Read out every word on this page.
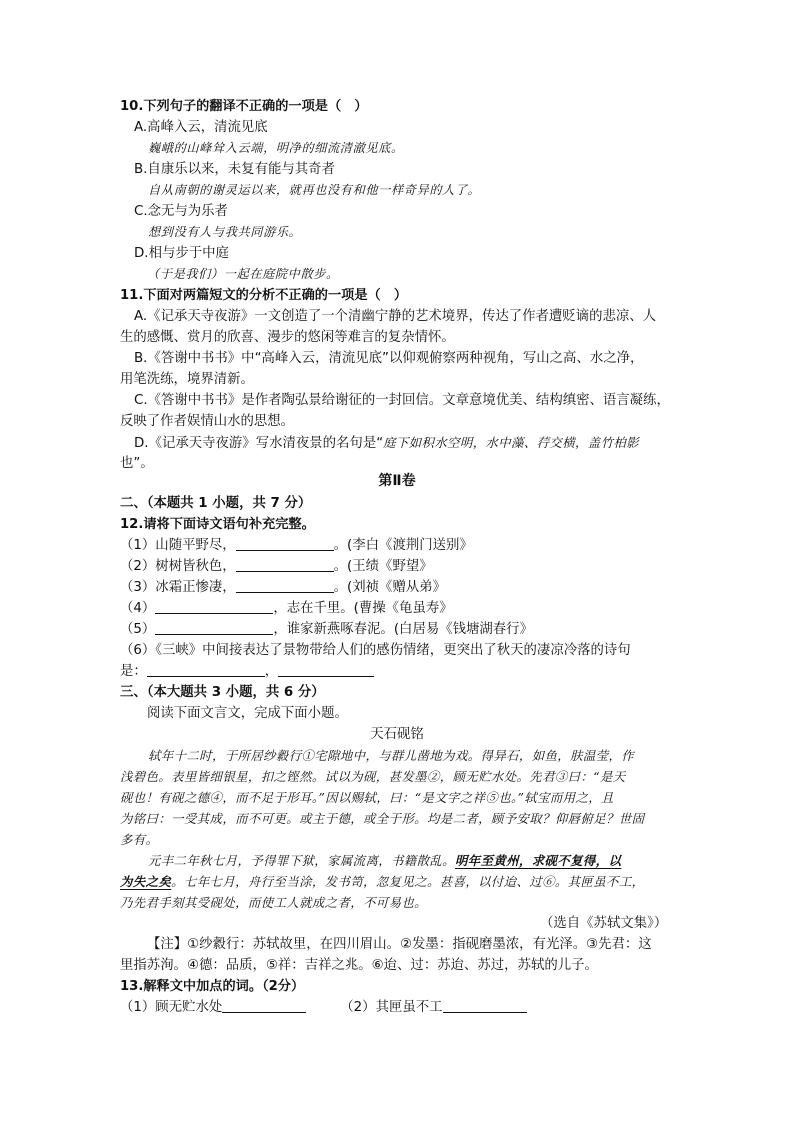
10.下列句子的翻译不正确的一项是（　）
A.高峰入云，清流见底
巍峨的山峰耸入云端，明净的细流清澈见底。
B.自康乐以来，未复有能与其奇者
自从南朝的谢灵运以来，就再也没有和他一样奇异的人了。
C.念无与为乐者
想到没有人与我共同游乐。
D.相与步于中庭
（于是我们）一起在庭院中散步。
11.下面对两篇短文的分析不正确的一项是（　）
A.《记承天寺夜游》一文创造了一个清幽宁静的艺术境界，传达了作者遭贬谪的悲凉、人
生的感慨、赏月的欣喜、漫步的悠闲等难言的复杂情怀。
B.《答谢中书书》中“高峰入云，清流见底”以仰观俯察两种视角，写山之高、水之净，
用笔洗练，境界清新。
C.《答谢中书书》是作者陶弘景给谢征的一封回信。文章意境优美、结构缜密、语言凝练，
反映了作者娱情山水的思想。
D.《记承天寺夜游》写水清夜景的名句是“庭下如积水空明，水中藻、荇交横，盖竹柏影
也”。
第Ⅱ卷
二、（本题共 1 小题，共 7 分）
12.请将下面诗文语句补充完整。
（1）山随平野尽，	。(李白《渡荆门送别》
（2）树树皆秋色，	。(王绩《野望》
（3）冰霜正惨凄，	。(刘祯《赠从弟》
（4）	，志在千里。(曹操《龟虽寿》
（5）	，谁家新燕啄春泥。(白居易《钱塘湖春行》
（6）《三峡》中间接表达了景物带给人们的感伤情绪，更突出了秋天的凄凉冷落的诗句
是：	，
三、（本大题共 3 小题，共 6 分）
阅读下面文言文，完成下面小题。
天石砚铭
轼年十二时，于所居纱縠行①宅隙地中，与群儿凿地为戏。得异石，如鱼，肤温莹，作
浅碧色。表里皆细银星，扣之铿然。试以为砚，甚发墨②，顾无贮水处。先君③曰：“是天
砚也！有砚之德④，而不足于形耳。”因以赐轼，曰：“是文字之祥⑤也。”轼宝而用之，且
为铭曰：一受其成，而不可更。或主于德，或全于形。均是二者，顾予安取？仰唇俯足？世固
多有。
元丰二年秋七月，予得罪下狱，家属流离，书籍散乱。明年至黄州，求砚不复得，以
为失之矣。七年七月，舟行至当涂，发书笥，忽复见之。甚喜，以付迨、过⑥。其匣虽不工，
乃先君手刻其受砚处，而使工人就成之者，不可易也。
（选自《苏轼文集》）
【注】①纱縠行：苏轼故里，在四川眉山。②发墨：指砚磨墨浓，有光泽。③先君：这
里指苏洵。④德：品质，⑤祥：吉祥之兆。⑥迨、过：苏迨、苏过，苏轼的儿子。
13.解释文中加点的词。（2分）
（1）顾无贮水处	（2）其匣虽不工
